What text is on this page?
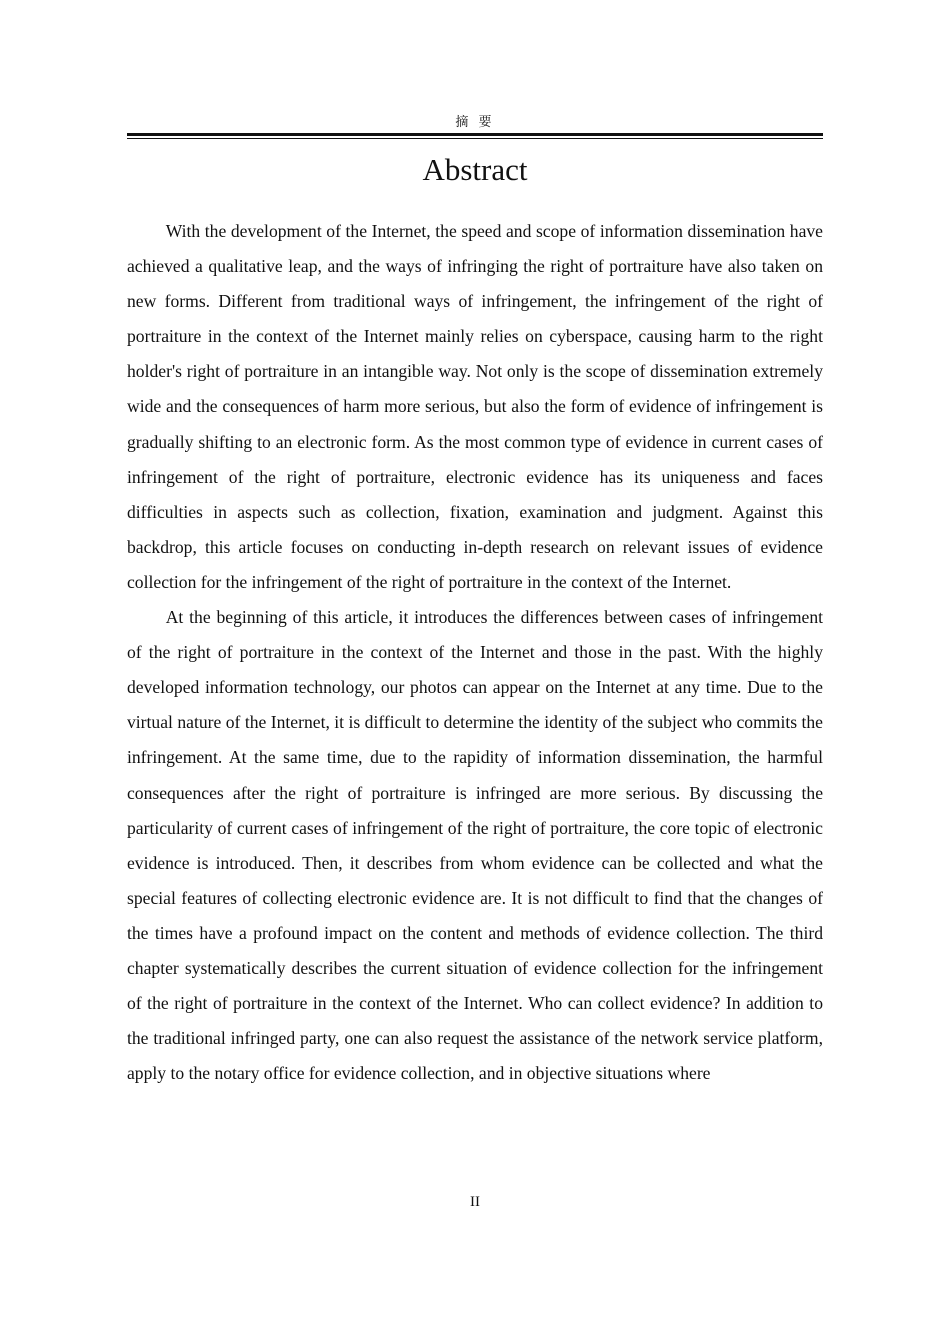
摘 要
Abstract

With the development of the Internet, the speed and scope of information dissemination have achieved a qualitative leap, and the ways of infringing the right of portraiture have also taken on new forms. Different from traditional ways of infringement, the infringement of the right of portraiture in the context of the Internet mainly relies on cyberspace, causing harm to the right holder's right of portraiture in an intangible way. Not only is the scope of dissemination extremely wide and the consequences of harm more serious, but also the form of evidence of infringement is gradually shifting to an electronic form. As the most common type of evidence in current cases of infringement of the right of portraiture, electronic evidence has its uniqueness and faces difficulties in aspects such as collection, fixation, examination and judgment. Against this backdrop, this article focuses on conducting in-depth research on relevant issues of evidence collection for the infringement of the right of portraiture in the context of the Internet.

At the beginning of this article, it introduces the differences between cases of infringement of the right of portraiture in the context of the Internet and those in the past. With the highly developed information technology, our photos can appear on the Internet at any time. Due to the virtual nature of the Internet, it is difficult to determine the identity of the subject who commits the infringement. At the same time, due to the rapidity of information dissemination, the harmful consequences after the right of portraiture is infringed are more serious. By discussing the particularity of current cases of infringement of the right of portraiture, the core topic of electronic evidence is introduced. Then, it describes from whom evidence can be collected and what the special features of collecting electronic evidence are. It is not difficult to find that the changes of the times have a profound impact on the content and methods of evidence collection. The third chapter systematically describes the current situation of evidence collection for the infringement of the right of portraiture in the context of the Internet. Who can collect evidence? In addition to the traditional infringed party, one can also request the assistance of the network service platform, apply to the notary office for evidence collection, and in objective situations where

II
